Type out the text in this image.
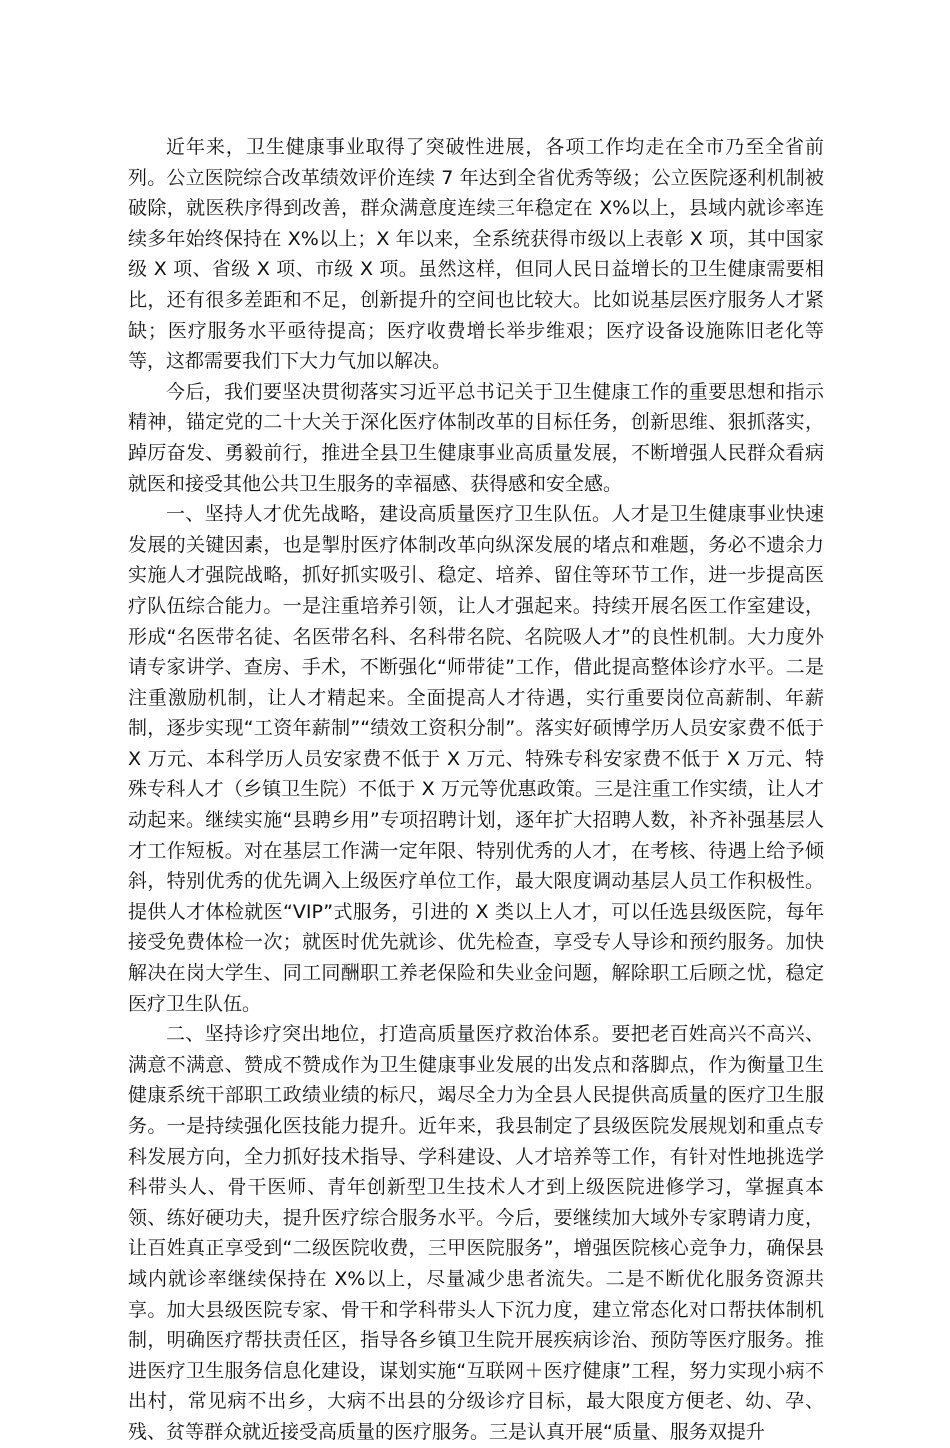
近年来，卫生健康事业取得了突破性进展，各项工作均走在全市乃至全省前列。公立医院综合改革绩效评价连续 7 年达到全省优秀等级；公立医院逐利机制被破除，就医秩序得到改善，群众满意度连续三年稳定在 X%以上，县域内就诊率连续多年始终保持在 X%以上；X 年以来，全系统获得市级以上表彰 X 项，其中国家级 X 项、省级 X 项、市级 X 项。虽然这样，但同人民日益增长的卫生健康需要相比，还有很多差距和不足，创新提升的空间也比较大。比如说基层医疗服务人才紧缺；医疗服务水平亟待提高；医疗收费增长举步维艰；医疗设备设施陈旧老化等等，这都需要我们下大力气加以解决。

今后，我们要坚决贯彻落实习近平总书记关于卫生健康工作的重要思想和指示精神，锚定党的二十大关于深化医疗体制改革的目标任务，创新思维、狠抓落实，踔厉奋发、勇毅前行，推进全县卫生健康事业高质量发展，不断增强人民群众看病就医和接受其他公共卫生服务的幸福感、获得感和安全感。

一、坚持人才优先战略，建设高质量医疗卫生队伍。人才是卫生健康事业快速发展的关键因素，也是掣肘医疗体制改革向纵深发展的堵点和难题，务必不遗余力实施人才强院战略，抓好抓实吸引、稳定、培养、留住等环节工作，进一步提高医疗队伍综合能力。一是注重培养引领，让人才强起来。持续开展名医工作室建设，形成“名医带名徒、名医带名科、名科带名院、名院吸人才”的良性机制。大力度外请专家讲学、查房、手术，不断强化“师带徒”工作，借此提高整体诊疗水平。二是注重激励机制，让人才精起来。全面提高人才待遇，实行重要岗位高薪制、年薪制，逐步实现“工资年薪制”“绩效工资积分制”。落实好硕博学历人员安家费不低于 X 万元、本科学历人员安家费不低于 X 万元、特殊专科安家费不低于 X 万元、特殊专科人才（乡镇卫生院）不低于 X 万元等优惠政策。三是注重工作实绩，让人才动起来。继续实施“县聘乡用”专项招聘计划，逐年扩大招聘人数，补齐补强基层人才工作短板。对在基层工作满一定年限、特别优秀的人才，在考核、待遇上给予倾斜，特别优秀的优先调入上级医疗单位工作，最大限度调动基层人员工作积极性。提供人才体检就医“VIP”式服务，引进的 X 类以上人才，可以任选县级医院，每年接受免费体检一次；就医时优先就诊、优先检查，享受专人导诊和预约服务。加快解决在岗大学生、同工同酬职工养老保险和失业金问题，解除职工后顾之忧，稳定医疗卫生队伍。

二、坚持诊疗突出地位，打造高质量医疗救治体系。要把老百姓高兴不高兴、满意不满意、赞成不赞成作为卫生健康事业发展的出发点和落脚点，作为衡量卫生健康系统干部职工政绩业绩的标尺，竭尽全力为全县人民提供高质量的医疗卫生服务。一是持续强化医技能力提升。近年来，我县制定了县级医院发展规划和重点专科发展方向，全力抓好技术指导、学科建设、人才培养等工作，有针对性地挑选学科带头人、骨干医师、青年创新型卫生技术人才到上级医院进修学习，掌握真本领、练好硬功夫，提升医疗综合服务水平。今后，要继续加大域外专家聘请力度，让百姓真正享受到“二级医院收费，三甲医院服务”，增强医院核心竞争力，确保县域内就诊率继续保持在 X%以上，尽量减少患者流失。二是不断优化服务资源共享。加大县级医院专家、骨干和学科带头人下沉力度，建立常态化对口帮扶体制机制，明确医疗帮扶责任区，指导各乡镇卫生院开展疾病诊治、预防等医疗服务。推进医疗卫生服务信息化建设，谋划实施“互联网＋医疗健康”工程，努力实现小病不出村，常见病不出乡，大病不出县的分级诊疗目标，最大限度方便老、幼、孕、残、贫等群众就近接受高质量的医疗服务。三是认真开展“质量、服务双提升
